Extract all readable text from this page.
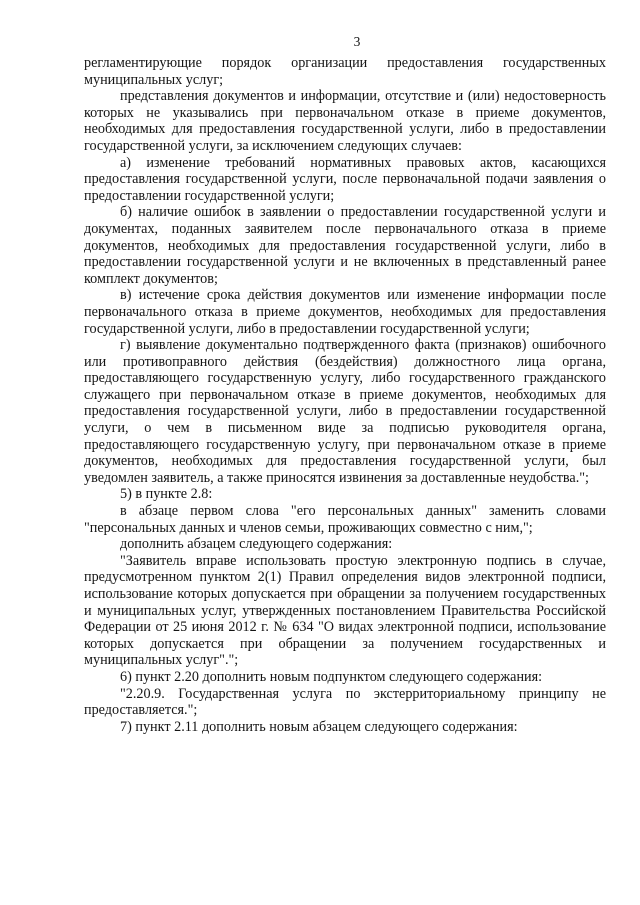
3

регламентирующие порядок организации предоставления государственных муниципальных услуг;

представления документов и информации, отсутствие и (или) недостоверность которых не указывались при первоначальном отказе в приеме документов, необходимых для предоставления государственной услуги, либо в предоставлении государственной услуги, за исключением следующих случаев:

а) изменение требований нормативных правовых актов, касающихся предоставления государственной услуги, после первоначальной подачи заявления о предоставлении государственной услуги;

б) наличие ошибок в заявлении о предоставлении государственной услуги и документах, поданных заявителем после первоначального отказа в приеме документов, необходимых для предоставления государственной услуги, либо в предоставлении государственной услуги и не включенных в представленный ранее комплект документов;

в) истечение срока действия документов или изменение информации после первоначального отказа в приеме документов, необходимых для предоставления государственной услуги, либо в предоставлении государственной услуги;

г) выявление документально подтвержденного факта (признаков) ошибочного или противоправного действия (бездействия) должностного лица органа, предоставляющего государственную услугу, либо государственного гражданского служащего при первоначальном отказе в приеме документов, необходимых для предоставления государственной услуги, либо в предоставлении государственной услуги, о чем в письменном виде за подписью руководителя органа, предоставляющего государственную услугу, при первоначальном отказе в приеме документов, необходимых для предоставления государственной услуги, был уведомлен заявитель, а также приносятся извинения за доставленные неудобства.";

5) в пункте 2.8:

в абзаце первом слова "его персональных данных" заменить словами "персональных данных и членов семьи, проживающих совместно с ним,";

дополнить абзацем следующего содержания:

"Заявитель вправе использовать простую электронную подпись в случае, предусмотренном пунктом 2(1) Правил определения видов электронной подписи, использование которых допускается при обращении за получением государственных и муниципальных услуг, утвержденных постановлением Правительства Российской Федерации от 25 июня 2012 г. № 634 "О видах электронной подписи, использование которых допускается при обращении за получением государственных и муниципальных услуг".";

6) пункт 2.20 дополнить новым подпунктом следующего содержания:

"2.20.9. Государственная услуга по экстерриториальному принципу не предоставляется.";

7) пункт 2.11 дополнить новым абзацем следующего содержания:
